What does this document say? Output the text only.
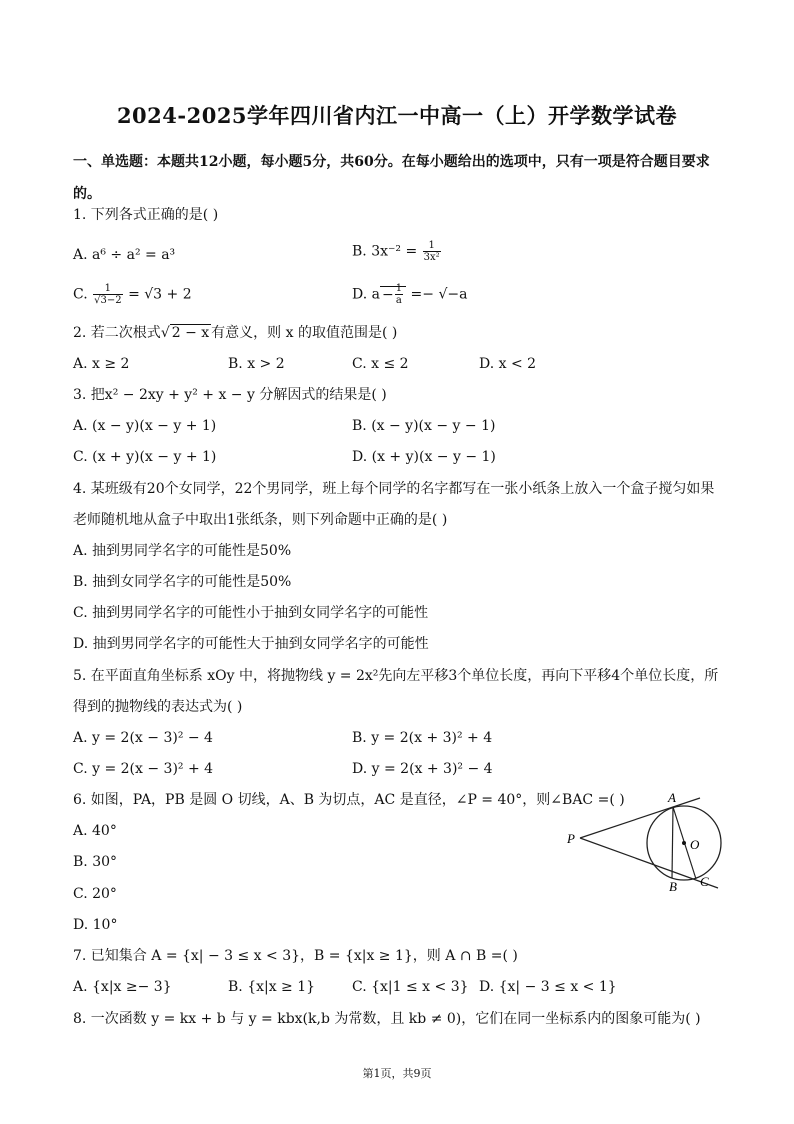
2024-2025学年四川省内江一中高一（上）开学数学试卷
一、单选题：本题共12小题，每小题5分，共60分。在每小题给出的选项中，只有一项是符合题目要求的。
1. 下列各式正确的是( )
A. a⁶ ÷ a² = a³	B. $3x^{-2} = \frac{1}{\text{3x²}}$
C. $\frac{1}{√3-2} = √3 + 2$	D. $a - \frac{1}{a} =- √-a$
2. 若二次根式√ 2 − x 有意义，则 x 的取值范围是( )
A. x ≥ 2	B. x > 2	C. x ≤ 2	D. x < 2
3. 把x² − 2xy + y² + x − y 分解因式的结果是( )
A. (x − y)(x − y + 1)	B. (x − y)(x − y − 1)
C. (x + y)(x − y + 1)	D. (x + y)(x − y − 1)
4. 某班级有20个女同学，22个男同学，班上每个同学的名字都写在一张小纸条上放入一个盒子搅匀如果
老师随机地从盒子中取出1张纸条，则下列命题中正确的是( )
A. 抽到男同学名字的可能性是50%
B. 抽到女同学名字的可能性是50%
C. 抽到男同学名字的可能性小于抽到女同学名字的可能性
D. 抽到男同学名字的可能性大于抽到女同学名字的可能性
5. 在平面直角坐标系 xOy 中，将抛物线 y = 2x²先向左平移3个单位长度，再向下平移4个单位长度，所
得到的抛物线的表达式为( )
A. y = 2(x − 3)² − 4	B. y = 2(x + 3)² + 4
C. y = 2(x − 3)² + 4	D. y = 2(x + 3)² − 4
6. 如图，PA，PB 是圆 O 切线，A、B 为切点，AC 是直径，∠P = 40°，则∠BAC =( )
A. 40°
B. 30°
C. 20°
D. 10°
A
B C
O
P
7. 已知集合 A = {x| − 3 ≤ x < 3}，B = {x|x ≥ 1}，则 A ∩ B =( )
A. {x|x ≥− 3}	B. {x|x ≥ 1}	C. {x|1 ≤ x < 3} D. {x| − 3 ≤ x < 1}
8. 一次函数 y = kx + b 与 y = kbx(k,b 为常数，且 kb ≠ 0)，它们在同一坐标系内的图象可能为( )
第1页，共9页
